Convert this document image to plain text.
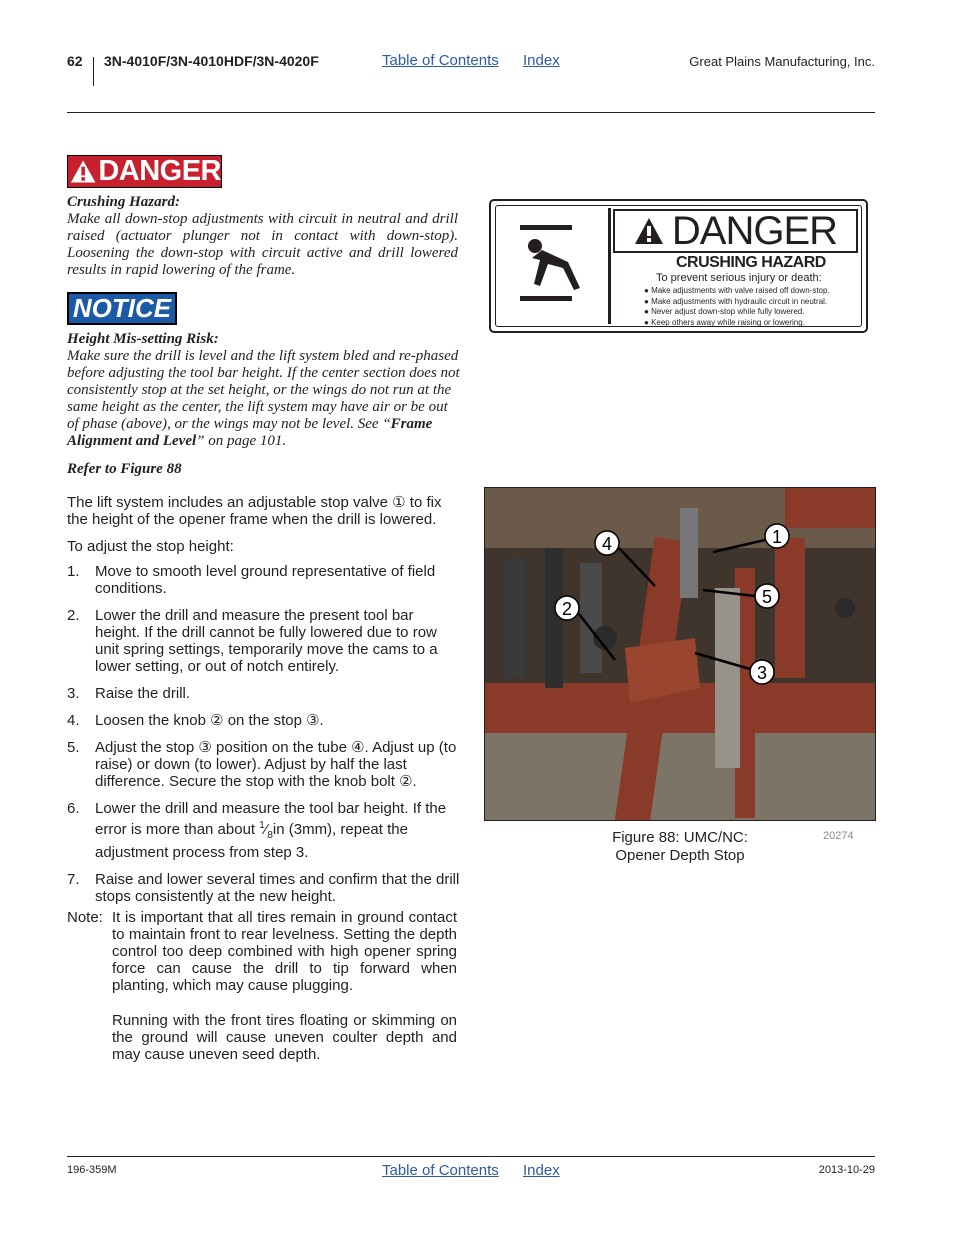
62 3N-4010F/3N-4010HDF/3N-4020F	Table of Contents Index	Great Plains Manufacturing, Inc.
DANGER
Crushing Hazard:
Make all down-stop adjustments with circuit in neutral and drill raised (actuator plunger not in contact with down-stop). Loosening the down-stop with circuit active and drill lowered results in rapid lowering of the frame.
NOTICE
Height Mis-setting Risk:
Make sure the drill is level and the lift system bled and re-phased before adjusting the tool bar height. If the center section does not consistently stop at the set height, or the wings do not run at the same height as the center, the lift system may have air or be out of phase (above), or the wings may not be level. See “Frame Alignment and Level” on page 101.
Refer to Figure 88
The lift system includes an adjustable stop valve ① to fix the height of the opener frame when the drill is lowered.
To adjust the stop height:
1. Move to smooth level ground representative of field conditions.
2. Lower the drill and measure the present tool bar height. If the drill cannot be fully lowered due to row unit spring settings, temporarily move the cams to a lower setting, or out of notch entirely.
3. Raise the drill.
4. Loosen the knob ② on the stop ③.
5. Adjust the stop ③ position on the tube ④. Adjust up (to raise) or down (to lower). Adjust by half the last difference. Secure the stop with the knob bolt ②.
6. Lower the drill and measure the tool bar height. If the error is more than about $^1⁄_8in$ (3mm), repeat the adjustment process from step 3.
7. Raise and lower several times and confirm that the drill stops consistently at the new height.
Note: It is important that all tires remain in ground contact to maintain front to rear levelness. Setting the depth control too deep combined with high opener spring force can cause the drill to tip forward when planting, which may cause plugging.

Running with the front tires floating or skimming on the ground will cause uneven coulter depth and may cause uneven seed depth.

DANGER
CRUSHING HAZARD
To prevent serious injury or death:
● Make adjustments with valve raised off down-stop.
● Make adjustments with hydraulic circuit in neutral.
● Never adjust down-stop while fully lowered.
● Keep others away while raising or lowering.
1
2
3
4
5
Figure 88: UMC/NC:
Opener Depth Stop
20274
196-359M	Table of Contents Index	2013-10-29
